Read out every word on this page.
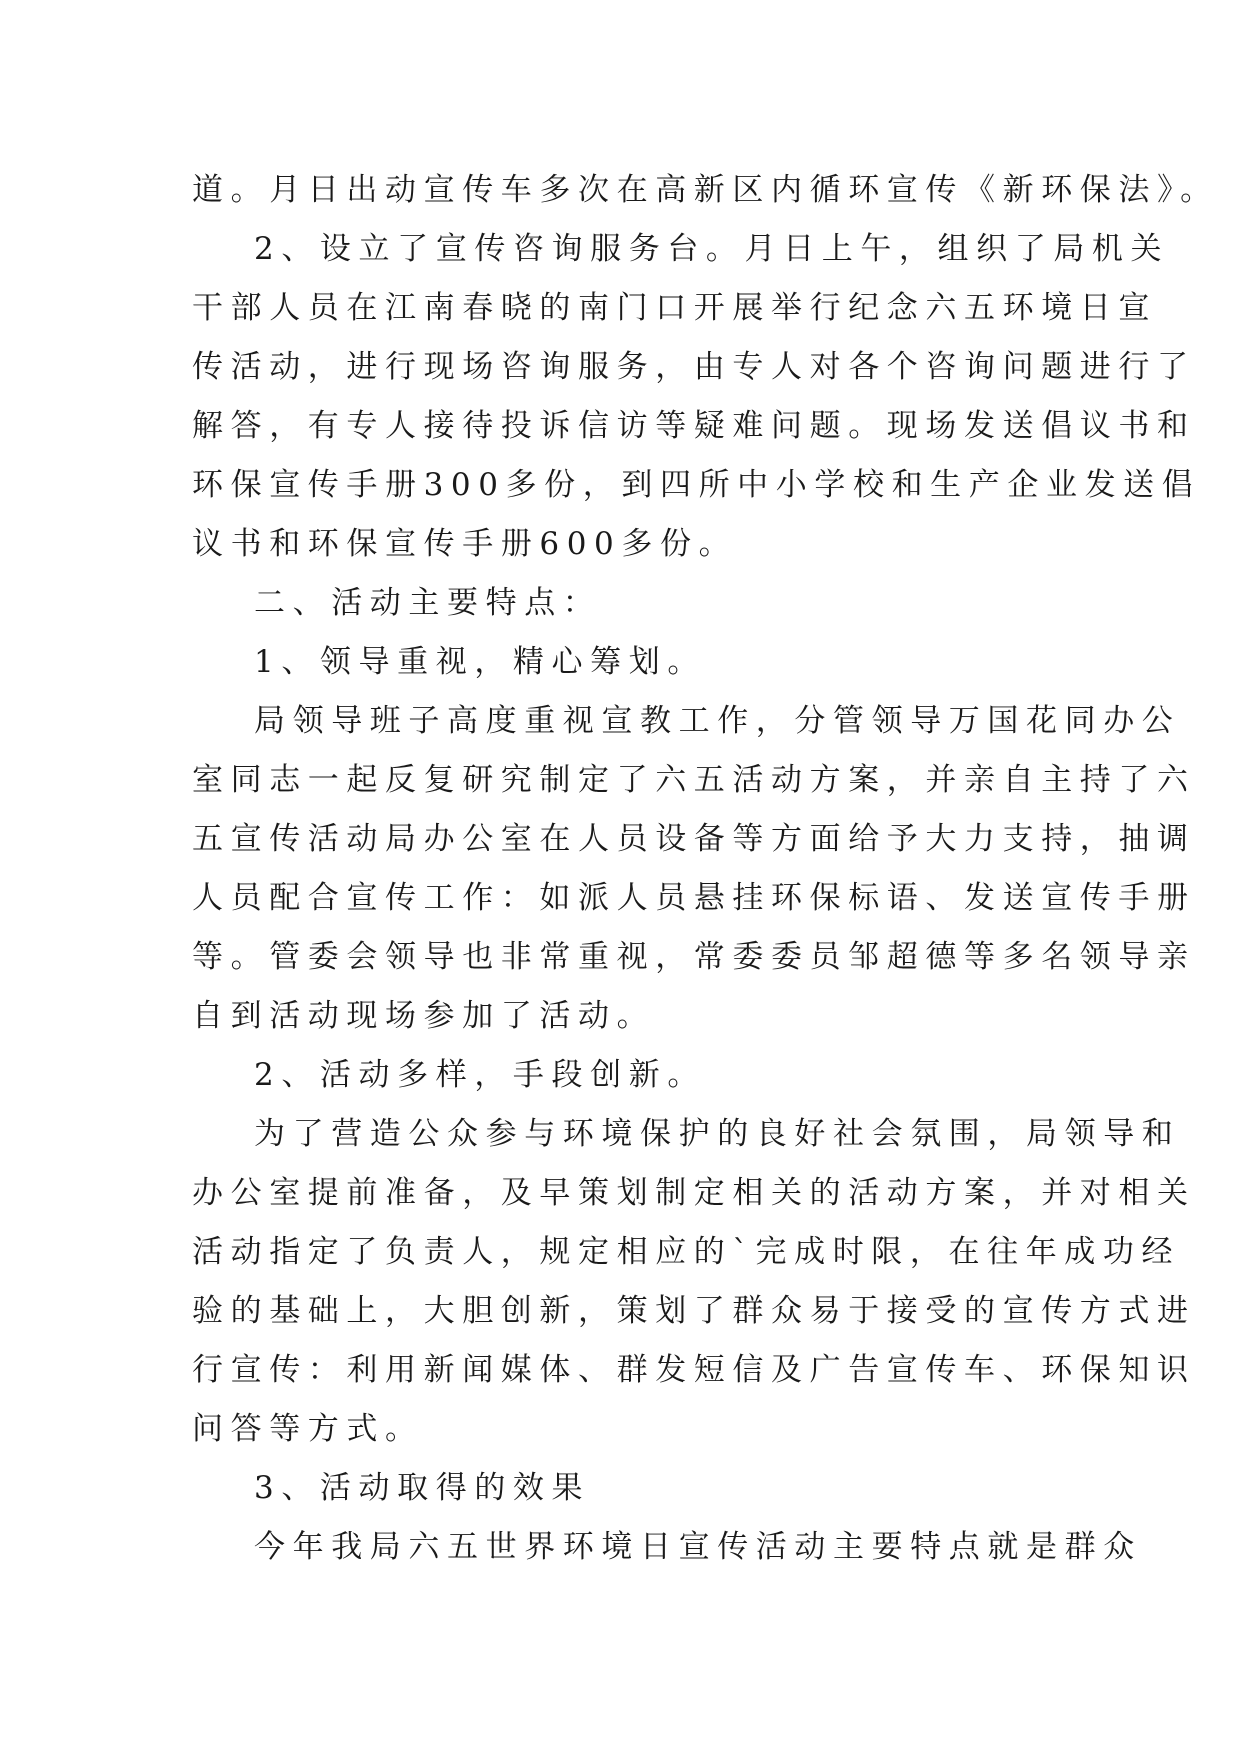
道。月日出动宣传车多次在高新区内循环宣传《新环保法》。
2、设立了宣传咨询服务台。月日上午，组织了局机关
干部人员在江南春晓的南门口开展举行纪念六五环境日宣
传活动，进行现场咨询服务，由专人对各个咨询问题进行了
解答，有专人接待投诉信访等疑难问题。现场发送倡议书和
环保宣传手册300多份，到四所中小学校和生产企业发送倡
议书和环保宣传手册600多份。
二、活动主要特点：
1、领导重视，精心筹划。
局领导班子高度重视宣教工作，分管领导万国花同办公
室同志一起反复研究制定了六五活动方案，并亲自主持了六
五宣传活动局办公室在人员设备等方面给予大力支持，抽调
人员配合宣传工作：如派人员悬挂环保标语、发送宣传手册
等。管委会领导也非常重视，常委委员邹超德等多名领导亲
自到活动现场参加了活动。
2、活动多样，手段创新。
为了营造公众参与环境保护的良好社会氛围，局领导和
办公室提前准备，及早策划制定相关的活动方案，并对相关
活动指定了负责人，规定相应的`完成时限，在往年成功经
验的基础上，大胆创新，策划了群众易于接受的宣传方式进
行宣传：利用新闻媒体、群发短信及广告宣传车、环保知识
问答等方式。
3、活动取得的效果
今年我局六五世界环境日宣传活动主要特点就是群众
